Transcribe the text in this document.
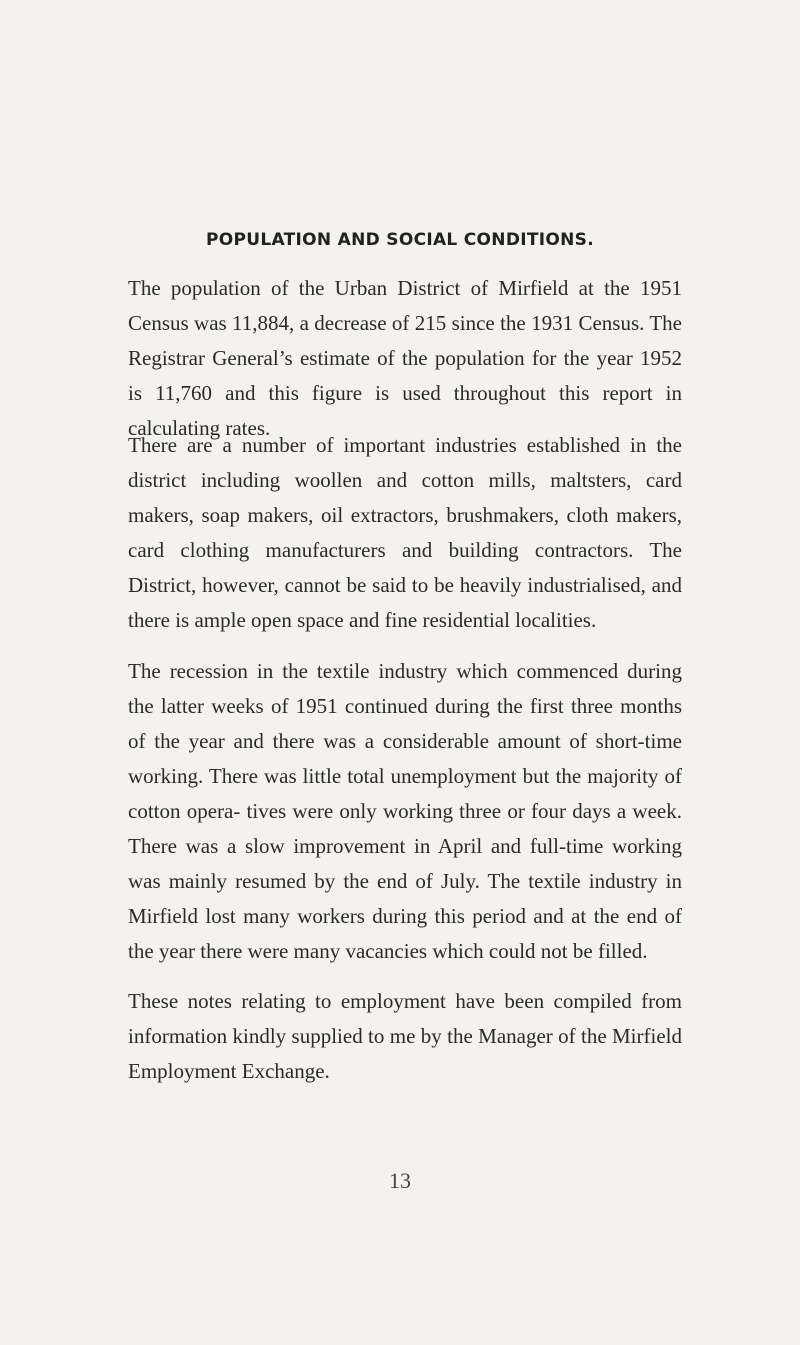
POPULATION AND SOCIAL CONDITIONS.

The population of the Urban District of Mirfield at the 1951 Census was 11,884, a decrease of 215 since the 1931 Census. The Registrar General’s estimate of the population for the year 1952 is 11,760 and this figure is used throughout this report in calculating rates.

There are a number of important industries established in the district including woollen and cotton mills, maltsters, card makers, soap makers, oil extractors, brushmakers, cloth makers, card clothing manufacturers and building contractors. The District, however, cannot be said to be heavily industrialised, and there is ample open space and fine residential localities.

The recession in the textile industry which commenced during the latter weeks of 1951 continued during the first three months of the year and there was a considerable amount of short-time working. There was little total unemployment but the majority of cotton opera- tives were only working three or four days a week. There was a slow improvement in April and full-time working was mainly resumed by the end of July. The textile industry in Mirfield lost many workers during this period and at the end of the year there were many vacancies which could not be filled.

These notes relating to employment have been compiled from information kindly supplied to me by the Manager of the Mirfield Employment Exchange.

13
